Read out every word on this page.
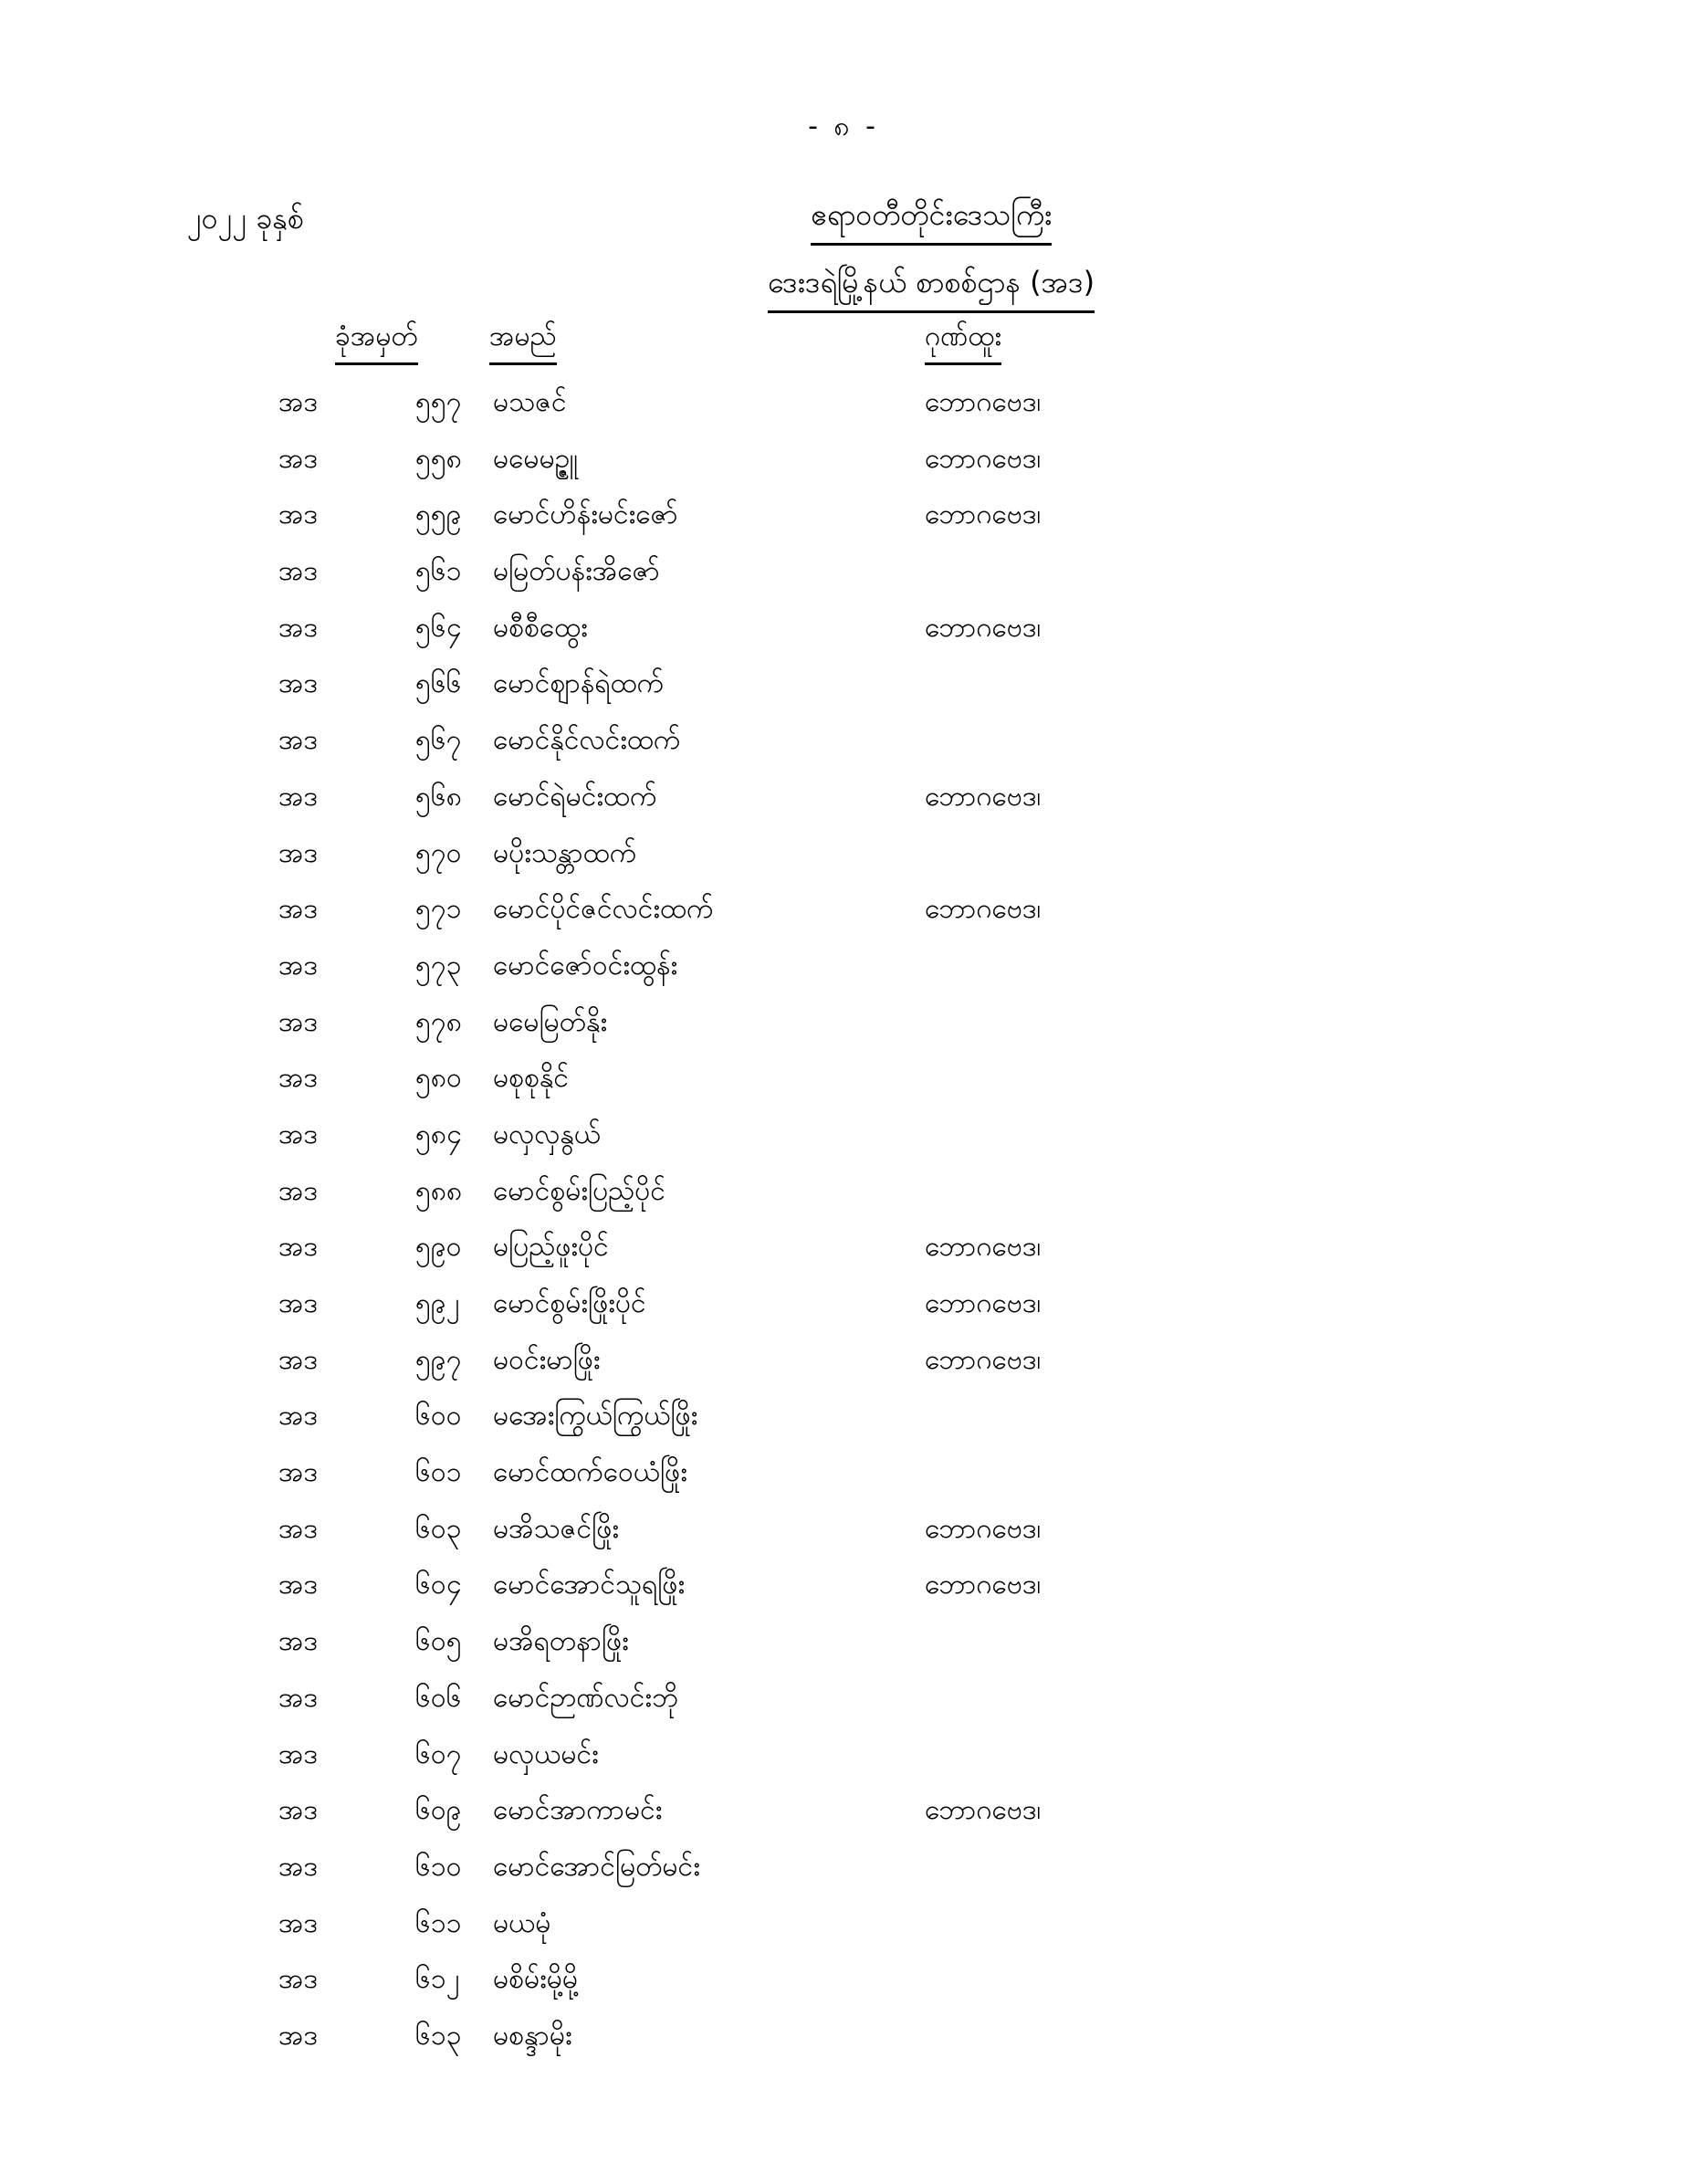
- ၈ -
၂၀၂၂ ခုနှစ်	ဧရာဝတီတိုင်းဒေသကြီး
ဒေးဒရဲမြို့နယ် စာစစ်ဌာန (အဒ)
ခုံအမှတ်	အမည်	ဂုဏ်ထူး
အဒ	၅၅၇ မသဇင်	ဘောဂဗေဒ၊
အဒ	၅၅၈ မမေမဉ္ဇူ	ဘောဂဗေဒ၊
အဒ	၅၅၉ မောင်ဟိန်းမင်းဇော်	ဘောဂဗေဒ၊
အဒ	၅၆၁ မမြတ်ပန်းအိဇော်
အဒ	၅၆၄ မစီစီထွေး	ဘောဂဗေဒ၊
အဒ	၅၆၆ မောင်ဈာန်ရဲထက်
အဒ	၅၆၇ မောင်နိုင်လင်းထက်
အဒ	၅၆၈ မောင်ရဲမင်းထက်	ဘောဂဗေဒ၊
အဒ	၅၇၀ မပိုးသန္တာထက်
အဒ	၅၇၁ မောင်ပိုင်ဇင်လင်းထက်	ဘောဂဗေဒ၊
အဒ	၅၇၃ မောင်ဇော်ဝင်းထွန်း
အဒ	၅၇၈ မမေမြတ်နိုး
အဒ	၅၈၀ မစုစုနိုင်
အဒ	၅၈၄ မလှလှနွယ်
အဒ	၅၈၈ မောင်စွမ်းပြည့်ပိုင်
အဒ	၅၉၀ မပြည့်ဖူးပိုင်	ဘောဂဗေဒ၊
အဒ	၅၉၂ မောင်စွမ်းဖြိုးပိုင်	ဘောဂဗေဒ၊
အဒ	၅၉၇ မဝင်းမာဖြိုး	ဘောဂဗေဒ၊
အဒ	၆၀၀ မအေးကြွယ်ကြွယ်ဖြိုး
အဒ	၆၀၁ မောင်ထက်ဝေယံဖြိုး
အဒ	၆၀၃ မအိသဇင်ဖြိုး	ဘောဂဗေဒ၊
အဒ	၆၀၄ မောင်အောင်သူရဖြိုး	ဘောဂဗေဒ၊
အဒ	၆၀၅ မအိရတနာဖြိုး
အဒ	၆၀၆ မောင်ဉာဏ်လင်းဘို
အဒ	၆၀၇ မလှယမင်း
အဒ	၆၀၉ မောင်အာကာမင်း	ဘောဂဗေဒ၊
အဒ	၆၁၀ မောင်အောင်မြတ်မင်း
အဒ	၆၁၁ မယမုံ
အဒ	၆၁၂ မစိမ်းမို့မို့
အဒ	၆၁၃ မစန္ဒာမိုး
